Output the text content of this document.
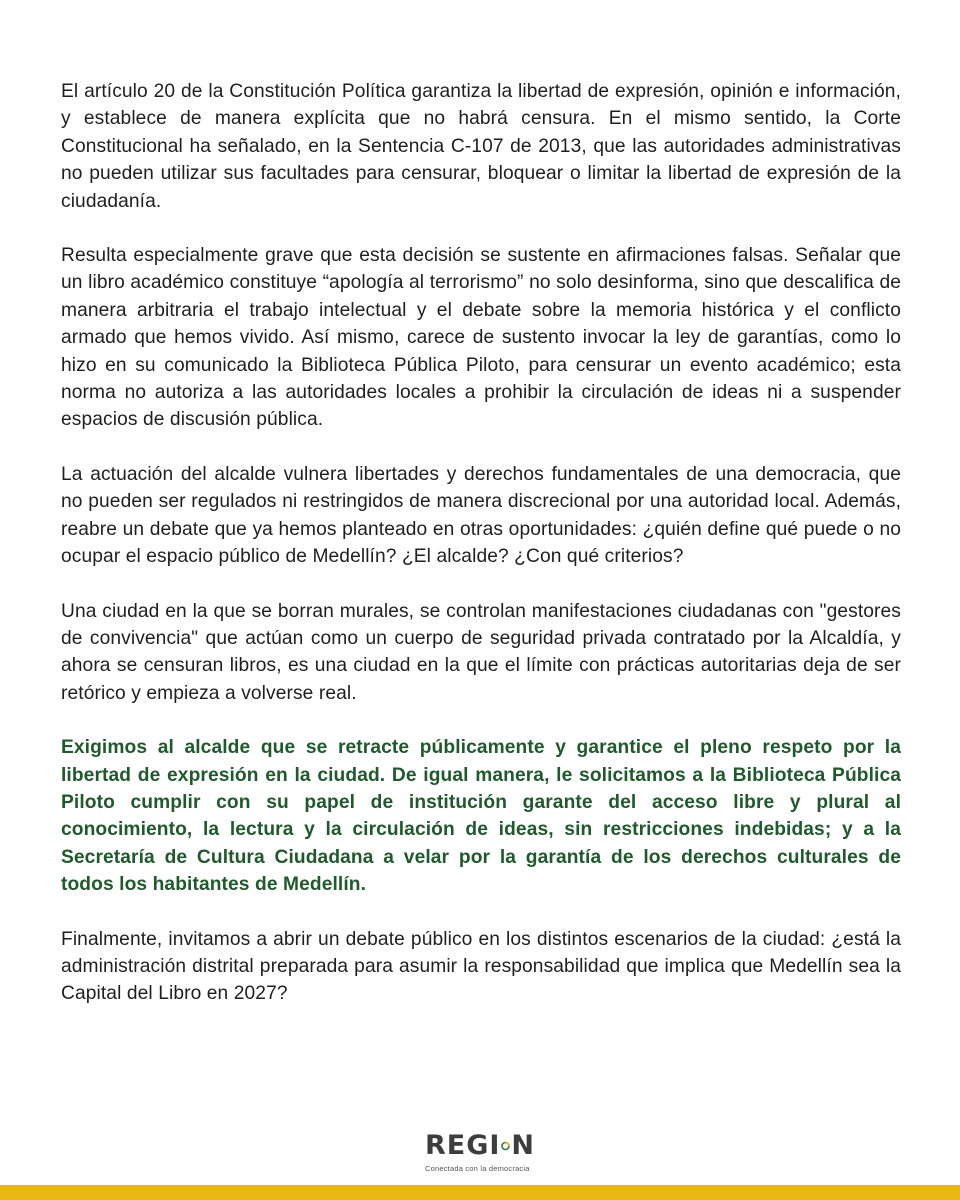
El artículo 20 de la Constitución Política garantiza la libertad de expresión, opinión e información, y establece de manera explícita que no habrá censura. En el mismo sentido, la Corte Constitucional ha señalado, en la Sentencia C-107 de 2013, que las autoridades administrativas no pueden utilizar sus facultades para censurar, bloquear o limitar la libertad de expresión de la ciudadanía.

Resulta especialmente grave que esta decisión se sustente en afirmaciones falsas. Señalar que un libro académico constituye “apología al terrorismo” no solo desinforma, sino que descalifica de manera arbitraria el trabajo intelectual y el debate sobre la memoria histórica y el conflicto armado que hemos vivido. Así mismo, carece de sustento invocar la ley de garantías, como lo hizo en su comunicado la Biblioteca Pública Piloto, para censurar un evento académico; esta norma no autoriza a las autoridades locales a prohibir la circulación de ideas ni a suspender espacios de discusión pública.

La actuación del alcalde vulnera libertades y derechos fundamentales de una democracia, que no pueden ser regulados ni restringidos de manera discrecional por una autoridad local. Además, reabre un debate que ya hemos planteado en otras oportunidades: ¿quién define qué puede o no ocupar el espacio público de Medellín? ¿El alcalde? ¿Con qué criterios?

Una ciudad en la que se borran murales, se controlan manifestaciones ciudadanas con "gestores de convivencia" que actúan como un cuerpo de seguridad privada contratado por la Alcaldía, y ahora se censuran libros, es una ciudad en la que el límite con prácticas autoritarias deja de ser retórico y empieza a volverse real.

Exigimos al alcalde que se retracte públicamente y garantice el pleno respeto por la libertad de expresión en la ciudad. De igual manera, le solicitamos a la Biblioteca Pública Piloto cumplir con su papel de institución garante del acceso libre y plural al conocimiento, la lectura y la circulación de ideas, sin restricciones indebidas; y a la Secretaría de Cultura Ciudadana a velar por la garantía de los derechos culturales de todos los habitantes de Medellín.

Finalmente, invitamos a abrir un debate público en los distintos escenarios de la ciudad: ¿está la administración distrital preparada para asumir la responsabilidad que implica que Medellín sea la Capital del Libro en 2027?

REGI N
Conectada con la democracia
